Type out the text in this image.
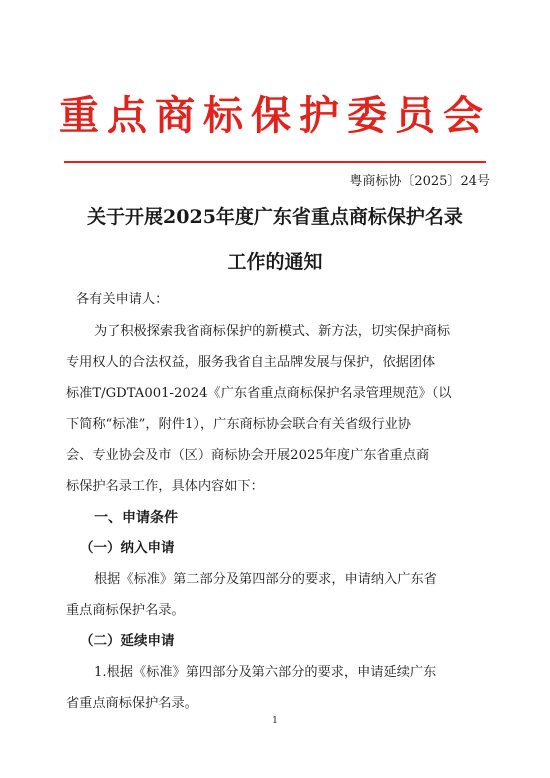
重点商标保护委员会
粤商标协〔2025〕24号
关于开展2025年度广东省重点商标保护名录
工作的通知
各有关申请人：
为了积极探索我省商标保护的新模式、新方法，切实保护商标
专用权人的合法权益，服务我省自主品牌发展与保护，依据团体
标准T/GDTA001-2024《广东省重点商标保护名录管理规范》（以
下简称“标准”，附件1），广东商标协会联合有关省级行业协
会、专业协会及市（区）商标协会开展2025年度广东省重点商
标保护名录工作，具体内容如下：
一、申请条件
（一）纳入申请
根据《标准》第二部分及第四部分的要求，申请纳入广东省
重点商标保护名录。
（二）延续申请
1.根据《标准》第四部分及第六部分的要求，申请延续广东
省重点商标保护名录。
1
